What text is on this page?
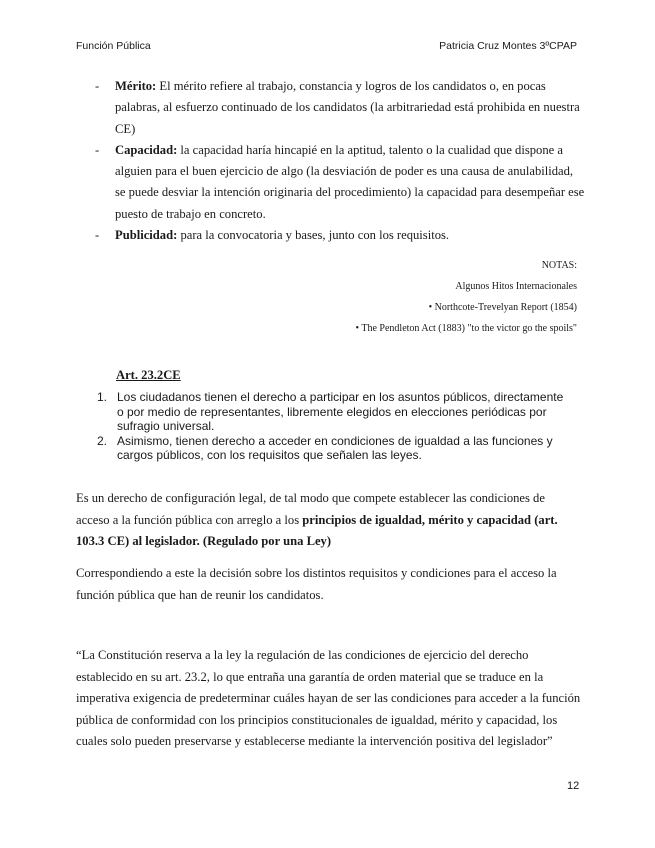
Función Pública	Patricia Cruz Montes 3ºCPAP
- Mérito: El mérito refiere al trabajo, constancia y logros de los candidatos o, en pocas palabras, al esfuerzo continuado de los candidatos (la arbitrariedad está prohibida en nuestra CE)
- Capacidad: la capacidad haría hincapié en la aptitud, talento o la cualidad que dispone a alguien para el buen ejercicio de algo (la desviación de poder es una causa de anulabilidad, se puede desviar la intención originaria del procedimiento) la capacidad para desempeñar ese puesto de trabajo en concreto.
- Publicidad: para la convocatoria y bases, junto con los requisitos.
NOTAS:
Algunos Hitos Internacionales
• Northcote-Trevelyan Report (1854)
• The Pendleton Act (1883) "to the victor go the spoils"
Art. 23.2CE
1. Los ciudadanos tienen el derecho a participar en los asuntos públicos, directamente o por medio de representantes, libremente elegidos en elecciones periódicas por sufragio universal.
2. Asimismo, tienen derecho a acceder en condiciones de igualdad a las funciones y cargos públicos, con los requisitos que señalen las leyes.
Es un derecho de configuración legal, de tal modo que compete establecer las condiciones de acceso a la función pública con arreglo a los principios de igualdad, mérito y capacidad (art. 103.3 CE) al legislador. (Regulado por una Ley)
Correspondiendo a este la decisión sobre los distintos requisitos y condiciones para el acceso la función pública que han de reunir los candidatos.
“La Constitución reserva a la ley la regulación de las condiciones de ejercicio del derecho establecido en su art. 23.2, lo que entraña una garantía de orden material que se traduce en la imperativa exigencia de predeterminar cuáles hayan de ser las condiciones para acceder a la función pública de conformidad con los principios constitucionales de igualdad, mérito y capacidad, los cuales solo pueden preservarse y establecerse mediante la intervención positiva del legislador”
12
